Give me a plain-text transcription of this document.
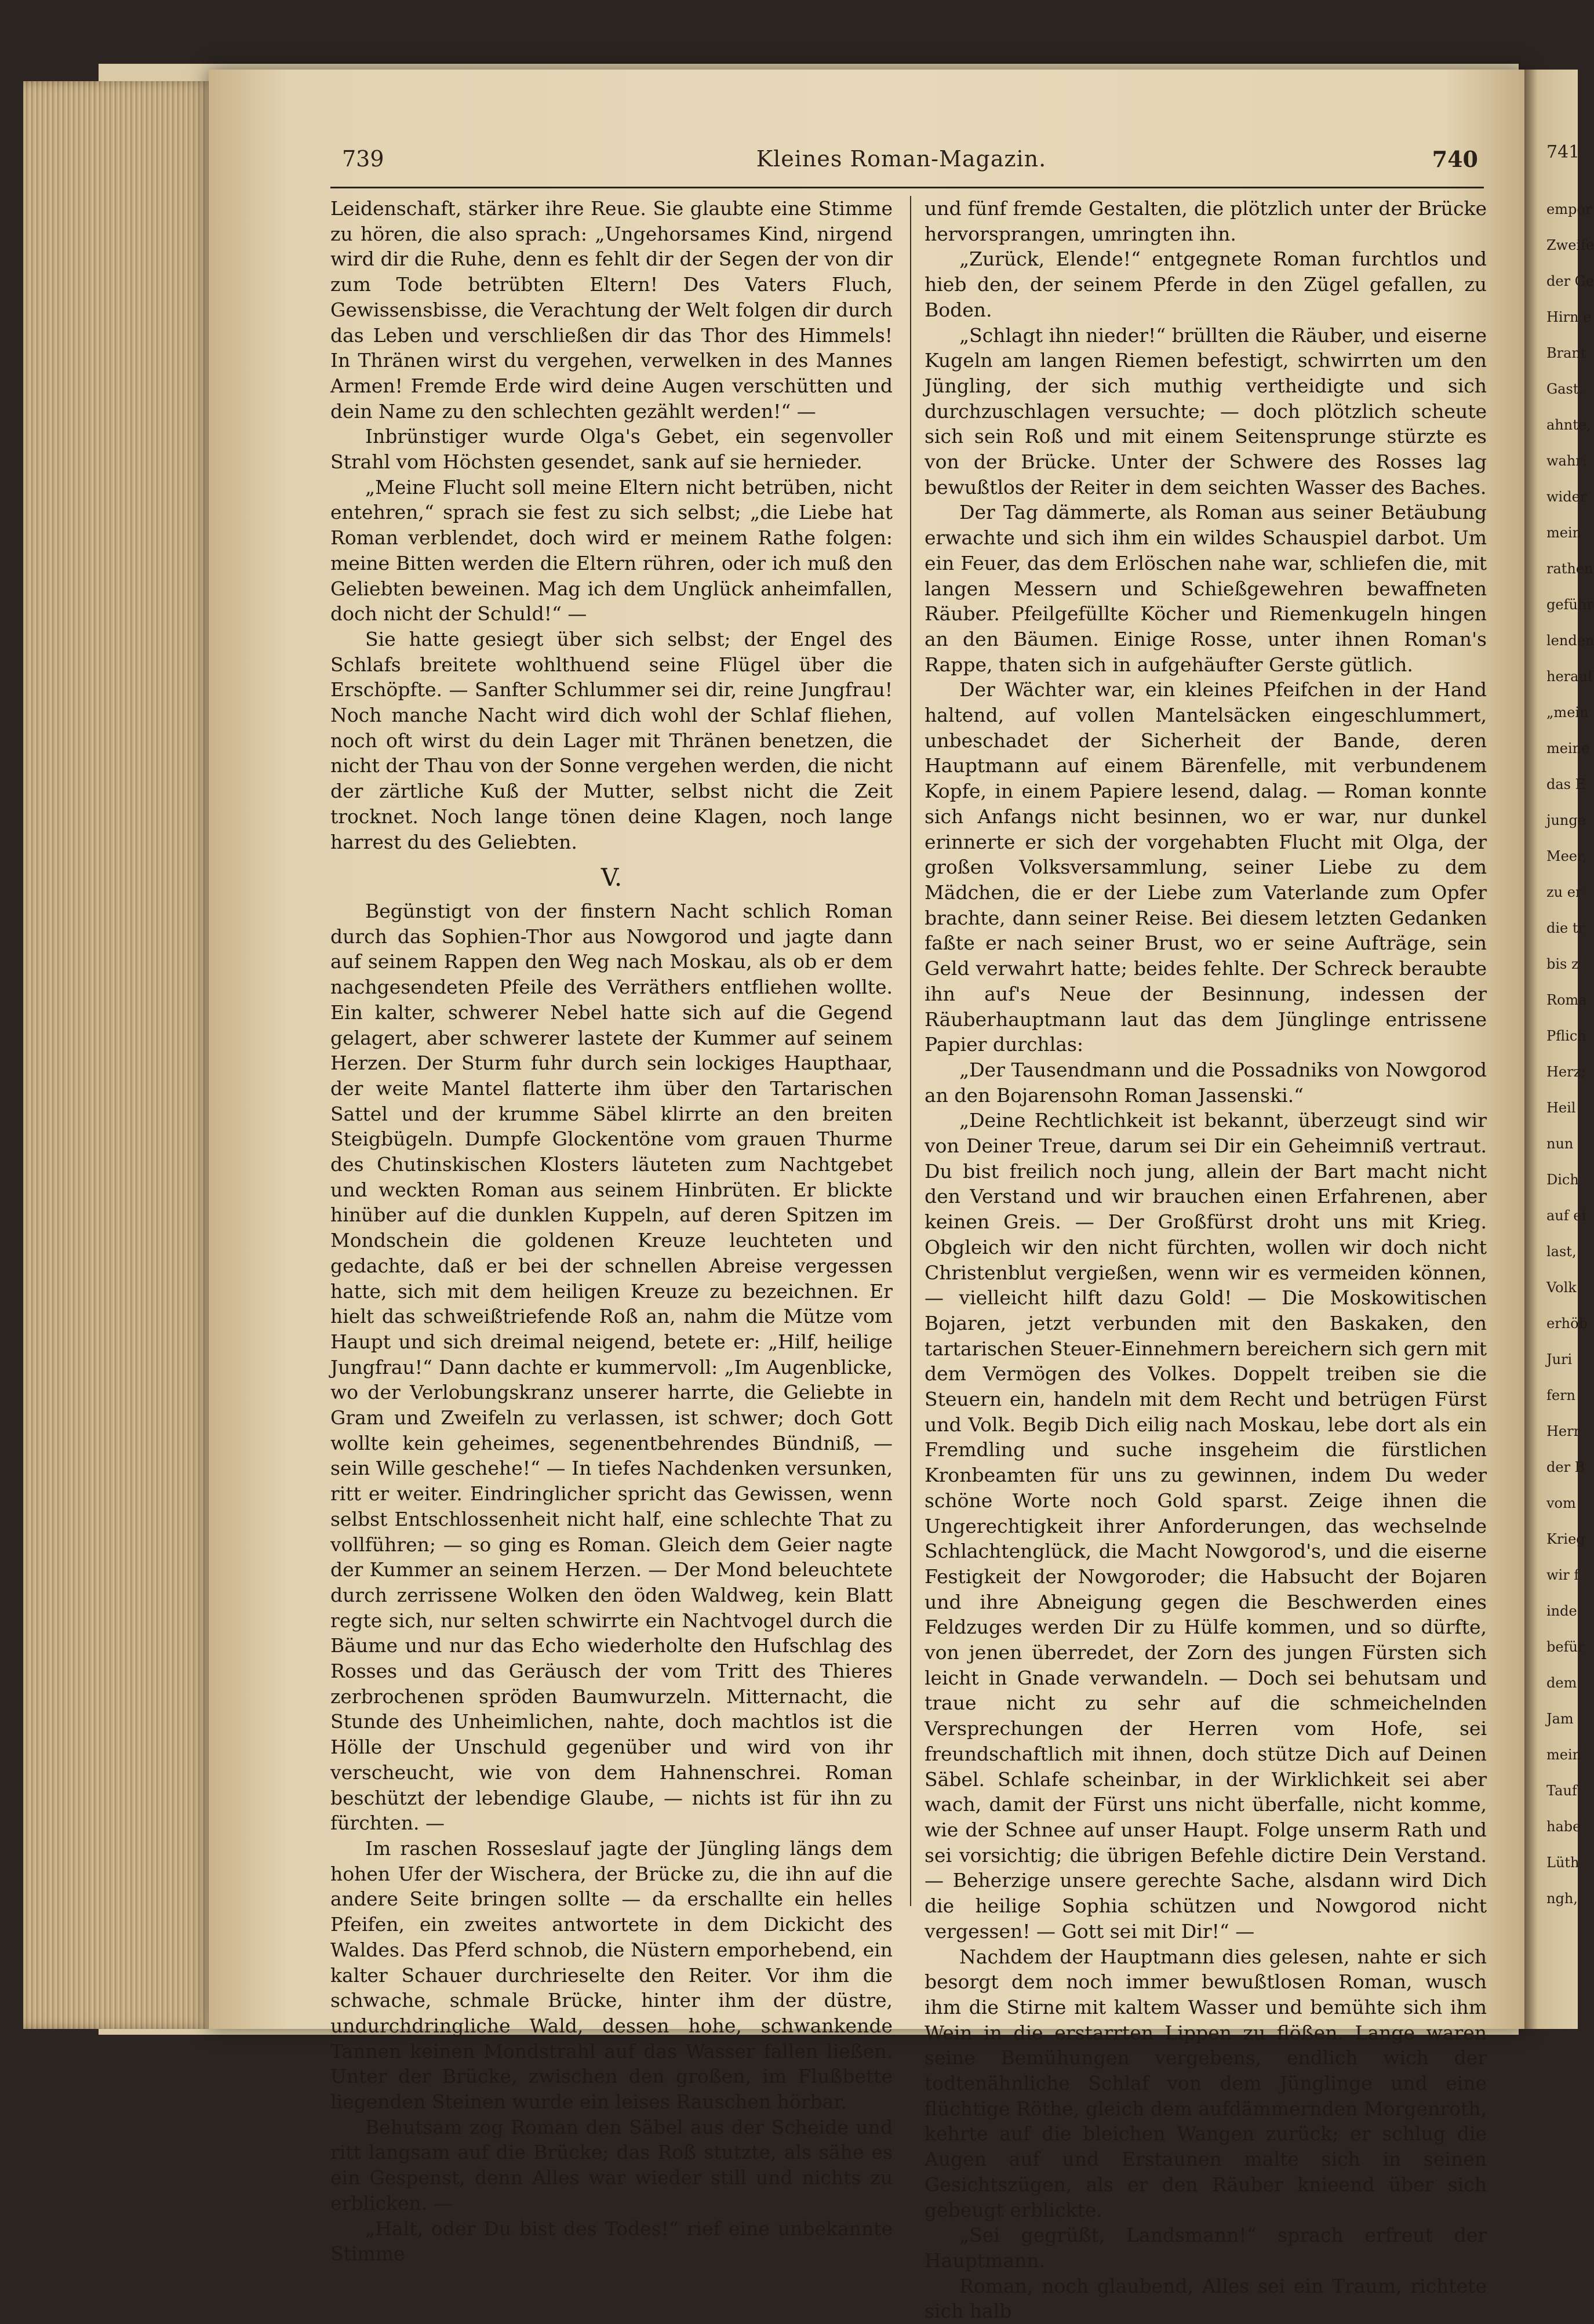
739	Kleines Roman-Magazin.	740	741

Leidenschaft, stärker ihre Reue. Sie glaubte eine Stimme zu hören, die also sprach: „Ungehorsames Kind, nirgend wird dir die Ruhe, denn es fehlt dir der Segen der von dir zum Tode betrübten Eltern! Des Vaters Fluch, Gewissensbisse, die Verachtung der Welt folgen dir durch das Leben und verschließen dir das Thor des Himmels! In Thränen wirst du vergehen, verwelken in des Mannes Armen! Fremde Erde wird deine Augen verschütten und dein Name zu den schlechten gezählt werden!“ —

Inbrünstiger wurde Olga's Gebet, ein segenvoller Strahl vom Höchsten gesendet, sank auf sie hernieder.

„Meine Flucht soll meine Eltern nicht betrüben, nicht entehren,“ sprach sie fest zu sich selbst; „die Liebe hat Roman verblendet, doch wird er meinem Rathe folgen: meine Bitten werden die Eltern rühren, oder ich muß den Geliebten beweinen. Mag ich dem Unglück anheimfallen, doch nicht der Schuld!“ —

Sie hatte gesiegt über sich selbst; der Engel des Schlafs breitete wohlthuend seine Flügel über die Erschöpfte. — Sanfter Schlummer sei dir, reine Jungfrau! Noch manche Nacht wird dich wohl der Schlaf fliehen, noch oft wirst du dein Lager mit Thränen benetzen, die nicht der Thau von der Sonne vergehen werden, die nicht der zärtliche Kuß der Mutter, selbst nicht die Zeit trocknet. Noch lange tönen deine Klagen, noch lange harrest du des Geliebten.

V.

Begünstigt von der finstern Nacht schlich Roman durch das Sophien-Thor aus Nowgorod und jagte dann auf seinem Rappen den Weg nach Moskau, als ob er dem nachgesendeten Pfeile des Verräthers entfliehen wollte. Ein kalter, schwerer Nebel hatte sich auf die Gegend gelagert, aber schwerer lastete der Kummer auf seinem Herzen. Der Sturm fuhr durch sein lockiges Haupthaar, der weite Mantel flatterte ihm über den Tartarischen Sattel und der krumme Säbel klirrte an den breiten Steigbügeln. Dumpfe Glockentöne vom grauen Thurme des Chutinskischen Klosters läuteten zum Nachtgebet und weckten Roman aus seinem Hinbrüten. Er blickte hinüber auf die dunklen Kuppeln, auf deren Spitzen im Mondschein die goldenen Kreuze leuchteten und gedachte, daß er bei der schnellen Abreise vergessen hatte, sich mit dem heiligen Kreuze zu bezeichnen. Er hielt das schweißtriefende Roß an, nahm die Mütze vom Haupt und sich dreimal neigend, betete er: „Hilf, heilige Jungfrau!“ Dann dachte er kummervoll: „Im Augenblicke, wo der Verlobungskranz unserer harrte, die Geliebte in Gram und Zweifeln zu verlassen, ist schwer; doch Gott wollte kein geheimes, segenentbehrendes Bündniß, — sein Wille geschehe!“ — In tiefes Nachdenken versunken, ritt er weiter. Eindringlicher spricht das Gewissen, wenn selbst Entschlossenheit nicht half, eine schlechte That zu vollführen; — so ging es Roman. Gleich dem Geier nagte der Kummer an seinem Herzen. — Der Mond beleuchtete durch zerrissene Wolken den öden Waldweg, kein Blatt regte sich, nur selten schwirrte ein Nachtvogel durch die Bäume und nur das Echo wiederholte den Hufschlag des Rosses und das Geräusch der vom Tritt des Thieres zerbrochenen spröden Baumwurzeln. Mitternacht, die Stunde des Unheimlichen, nahte, doch machtlos ist die Hölle der Unschuld gegenüber und wird von ihr verscheucht, wie von dem Hahnenschrei. Roman beschützt der lebendige Glaube, — nichts ist für ihn zu fürchten. —

Im raschen Rosseslauf jagte der Jüngling längs dem hohen Ufer der Wischera, der Brücke zu, die ihn auf die andere Seite bringen sollte — da erschallte ein helles Pfeifen, ein zweites antwortete in dem Dickicht des Waldes. Das Pferd schnob, die Nüstern emporhebend, ein kalter Schauer durchrieselte den Reiter. Vor ihm die schwache, schmale Brücke, hinter ihm der düstre, undurchdringliche Wald, dessen hohe, schwankende Tannen keinen Mondstrahl auf das Wasser fallen ließen. Unter der Brücke, zwischen den großen, im Flußbette liegenden Steinen wurde ein leises Rauschen hörbar.

Behutsam zog Roman den Säbel aus der Scheide und ritt langsam auf die Brücke; das Roß stutzte, als sähe es ein Gespenst, denn Alles war wieder still und nichts zu erblicken. —

„Halt, oder Du bist des Todes!“ rief eine unbekannte Stimme

und fünf fremde Gestalten, die plötzlich unter der Brücke hervorsprangen, umringten ihn.

„Zurück, Elende!“ entgegnete Roman furchtlos und hieb den, der seinem Pferde in den Zügel gefallen, zu Boden.

„Schlagt ihn nieder!“ brüllten die Räuber, und eiserne Kugeln am langen Riemen befestigt, schwirrten um den Jüngling, der sich muthig vertheidigte und sich durchzuschlagen versuchte; — doch plötzlich scheute sich sein Roß und mit einem Seitensprunge stürzte es von der Brücke. Unter der Schwere des Rosses lag bewußtlos der Reiter in dem seichten Wasser des Baches.

Der Tag dämmerte, als Roman aus seiner Betäubung erwachte und sich ihm ein wildes Schauspiel darbot. Um ein Feuer, das dem Erlöschen nahe war, schliefen die, mit langen Messern und Schießgewehren bewaffneten Räuber. Pfeilgefüllte Köcher und Riemenkugeln hingen an den Bäumen. Einige Rosse, unter ihnen Roman's Rappe, thaten sich in aufgehäufter Gerste gütlich.

Der Wächter war, ein kleines Pfeifchen in der Hand haltend, auf vollen Mantelsäcken eingeschlummert, unbeschadet der Sicherheit der Bande, deren Hauptmann auf einem Bärenfelle, mit verbundenem Kopfe, in einem Papiere lesend, dalag. — Roman konnte sich Anfangs nicht besinnen, wo er war, nur dunkel erinnerte er sich der vorgehabten Flucht mit Olga, der großen Volksversammlung, seiner Liebe zu dem Mädchen, die er der Liebe zum Vaterlande zum Opfer brachte, dann seiner Reise. Bei diesem letzten Gedanken faßte er nach seiner Brust, wo er seine Aufträge, sein Geld verwahrt hatte; beides fehlte. Der Schreck beraubte ihn auf's Neue der Besinnung, indessen der Räuberhauptmann laut das dem Jünglinge entrissene Papier durchlas:

„Der Tausendmann und die Possadniks von Nowgorod an den Bojarensohn Roman Jassenski.“

„Deine Rechtlichkeit ist bekannt, überzeugt sind wir von Deiner Treue, darum sei Dir ein Geheimniß vertraut. Du bist freilich noch jung, allein der Bart macht nicht den Verstand und wir brauchen einen Erfahrenen, aber keinen Greis. — Der Großfürst droht uns mit Krieg. Obgleich wir den nicht fürchten, wollen wir doch nicht Christenblut vergießen, wenn wir es vermeiden können, — vielleicht hilft dazu Gold! — Die Moskowitischen Bojaren, jetzt verbunden mit den Baskaken, den tartarischen Steuer-Einnehmern bereichern sich gern mit dem Vermögen des Volkes. Doppelt treiben sie die Steuern ein, handeln mit dem Recht und betrügen Fürst und Volk. Begib Dich eilig nach Moskau, lebe dort als ein Fremdling und suche insgeheim die fürstlichen Kronbeamten für uns zu gewinnen, indem Du weder schöne Worte noch Gold sparst. Zeige ihnen die Ungerechtigkeit ihrer Anforderungen, das wechselnde Schlachtenglück, die Macht Nowgorod's, und die eiserne Festigkeit der Nowgoroder; die Habsucht der Bojaren und ihre Abneigung gegen die Beschwerden eines Feldzuges werden Dir zu Hülfe kommen, und so dürfte, von jenen überredet, der Zorn des jungen Fürsten sich leicht in Gnade verwandeln. — Doch sei behutsam und traue nicht zu sehr auf die schmeichelnden Versprechungen der Herren vom Hofe, sei freundschaftlich mit ihnen, doch stütze Dich auf Deinen Säbel. Schlafe scheinbar, in der Wirklichkeit sei aber wach, damit der Fürst uns nicht überfalle, nicht komme, wie der Schnee auf unser Haupt. Folge unserm Rath und sei vorsichtig; die übrigen Befehle dictire Dein Verstand. — Beherzige unsere gerechte Sache, alsdann wird Dich die heilige Sophia schützen und Nowgorod nicht vergessen! — Gott sei mit Dir!“ —

Nachdem der Hauptmann dies gelesen, nahte er sich besorgt dem noch immer bewußtlosen Roman, wusch ihm die Stirne mit kaltem Wasser und bemühte sich ihm Wein in die erstarrten Lippen zu flößen. Lange waren seine Bemühungen vergebens, endlich wich der todtenähnliche Schlaf von dem Jünglinge und eine flüchtige Röthe, gleich dem aufdämmernden Morgenroth, kehrte auf die bleichen Wangen zurück; er schlug die Augen auf und Erstaunen malte sich in seinen Gesichtszügen, als er den Räuber knieend über sich gebeugt erblickte.

„Sei gegrüßt, Landsmann!“ sprach erfreut der Hauptmann.

Roman, noch glaubend, Alles sei ein Traum, richtete sich halb

empor
Zweife
der Ge
Hirn e
Brant
Gast.
ahnte,
wahr:
wider
mein
rathen
geführ
lenden
herauf
„mein
meine
das E
junge
Meer,
zu er
die tr
bis z
Roma
Pflich
Herz;
Heil
nun
Dich
auf ei
last,
Volk
erhöb
Juri
fern
Herr
der B
vom
Krieg
wir f
inde
befür
dem
Jam
mein
Tauf
habe
Lüth
ngh,
